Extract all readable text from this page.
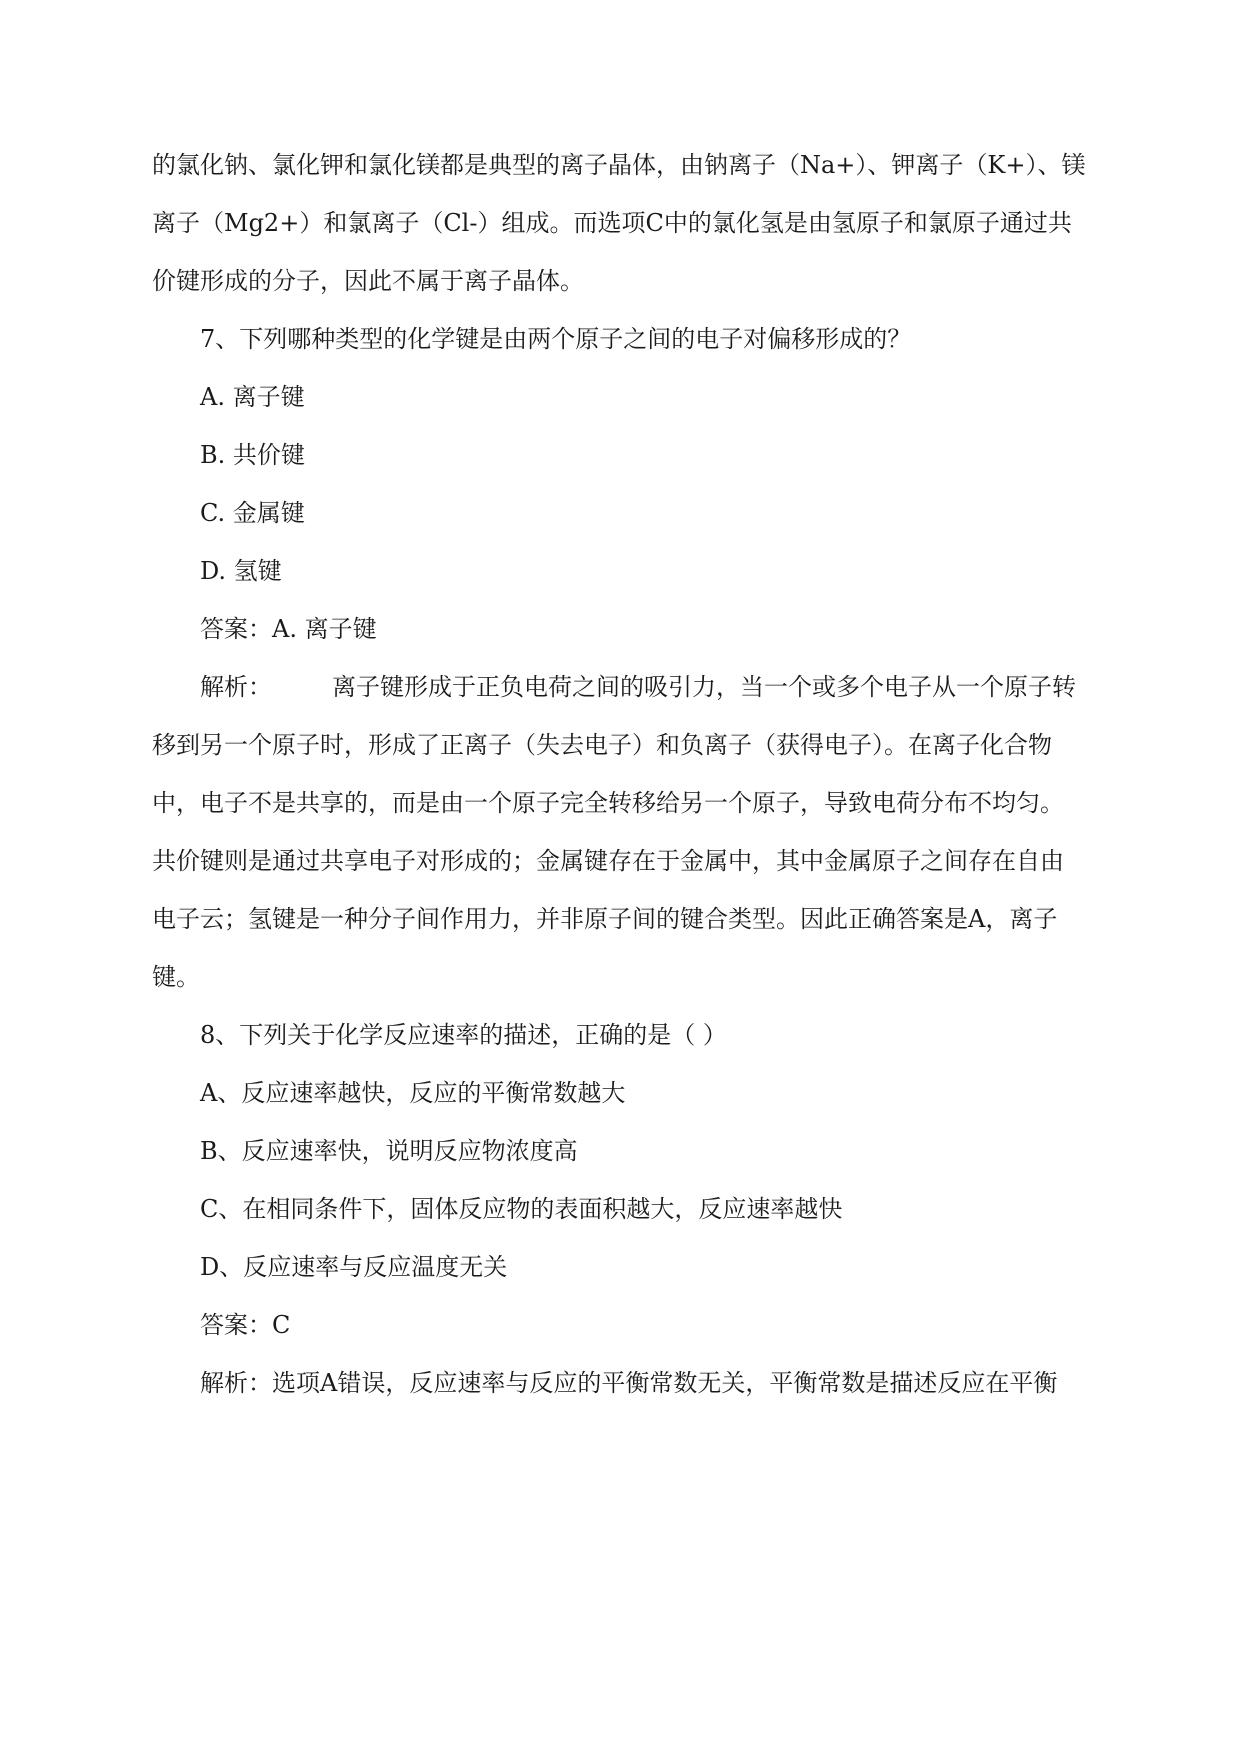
的氯化钠、氯化钾和氯化镁都是典型的离子晶体，由钠离子（Na+）、钾离子（K+）、镁
离子（Mg2+）和氯离子（Cl-）组成。而选项C中的氯化氢是由氢原子和氯原子通过共
价键形成的分子，因此不属于离子晶体。
7、下列哪种类型的化学键是由两个原子之间的电子对偏移形成的？
A. 离子键
B. 共价键
C. 金属键
D. 氢键
答案：A. 离子键
解析：	离子键形成于正负电荷之间的吸引力，当一个或多个电子从一个原子转
移到另一个原子时，形成了正离子（失去电子）和负离子（获得电子）。在离子化合物
中，电子不是共享的，而是由一个原子完全转移给另一个原子，导致电荷分布不均匀。
共价键则是通过共享电子对形成的；金属键存在于金属中，其中金属原子之间存在自由
电子云；氢键是一种分子间作用力，并非原子间的键合类型。因此正确答案是A，离子
键。
8、下列关于化学反应速率的描述，正确的是（ ）
A、反应速率越快，反应的平衡常数越大
B、反应速率快，说明反应物浓度高
C、在相同条件下，固体反应物的表面积越大，反应速率越快
D、反应速率与反应温度无关
答案：C
解析：选项A错误，反应速率与反应的平衡常数无关，平衡常数是描述反应在平衡
